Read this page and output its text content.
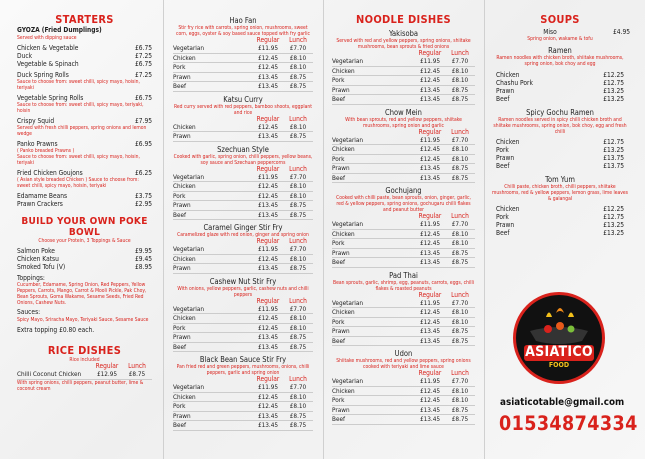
STARTERS
GYOZA (Fried Dumplings)
Served with dipping sauce
Chicken & Vegetable	£6.75
Duck	£7.25
Vegetable & Spinach	£6.75
Duck Spring Rolls	£7.25
Sauce to choose from: sweet chilli, spicy mayo, hoisin, teriyaki
Vegetable Spring Rolls	£6.75
Sauce to choose from: sweet chilli, spicy mayo, teriyaki, hoisin
Crispy Squid	£7.95
Served with fresh chilli peppers, spring onions and lemon wedge
Panko Prawns	£6.95
( Panko breaded Prawns )
Sauce to choose from: sweet chilli, spicy mayo, hoisin, teriyaki
Fried Chicken Goujons	£6.25
( Asian style breaded Chicken ) Sauce to choose from: sweet chilli, spicy mayo, hoisin, teriyaki
Edamame Beans	£3.75
Prawn Crackers	£2.95
BUILD YOUR OWN POKE BOWL
Choose your Protein, 3 Toppings & Sauce
Salmon Poke	£9.95
Chicken Katsu	£9.45
Smoked Tofu (V)	£8.95
Toppings:
Cucumber, Edamame, Spring Onion, Red Peppers, Yellow Peppers, Carrots, Mango, Carrot & Mooli Pickle, Pak Choy, Bean Sprouts, Goma Wakame, Sesame Seeds, Fried Red Onions, Cashew Nuts.
Sauces:
Spicy Mayo, Sriracha Mayo, Teriyaki Sauce, Sesame Sauce
Extra topping £0.80 each.
RICE DISHES
Rice included
Regular	Lunch
Chilli Coconut Chicken	£12.95	£8.75
With spring onions, chilli peppers, peanut butter, lime & coconut cream
Hao Fan
Stir fry rice with carrots, spring onion, mushrooms, sweet corn, eggs, oyster & soy based sauce topped with fry garlic
Regular	Lunch
Vegetarian	£11.95	£7.70
Chicken	£12.45	£8.10
Pork	£12.45	£8.10
Prawn	£13.45	£8.75
Beef	£13.45	£8.75
Katsu Curry
Red curry served with red peppers, bamboo shoots, eggplant and rice
Regular	Lunch
Chicken	£12.45	£8.10
Prawn	£13.45	£8.75
Szechuan Style
Cooked with garlic, spring onion, chilli peppers, yellow beans, soy sauce and Szechuan peppercorns
Regular	Lunch
Vegetarian	£11.95	£7.70
Chicken	£12.45	£8.10
Pork	£12.45	£8.10
Prawn	£13.45	£8.75
Beef	£13.45	£8.75
Caramel Ginger Stir Fry
Caramelized glaze with red onion, ginger and spring onion
Regular	Lunch
Vegetarian	£11.95	£7.70
Chicken	£12.45	£8.10
Prawn	£13.45	£8.75
Cashew Nut Stir Fry
With onions, yellow peppers, garlic, cashew nuts and chilli peppers
Regular	Lunch
Vegetarian	£11.95	£7.70
Chicken	£12.45	£8.10
Pork	£12.45	£8.10
Prawn	£13.45	£8.75
Beef	£13.45	£8.75
Black Bean Sauce Stir Fry
Pan fried red and green peppers, mushrooms, onions, chilli peppers, garlic and spring onion
Regular	Lunch
Vegetarian	£11.95	£7.70
Chicken	£12.45	£8.10
Pork	£12.45	£8.10
Prawn	£13.45	£8.75
Beef	£13.45	£8.75
NOODLE DISHES
Yakisoba
Served with red and yellow peppers, spring onions, shiitake mushrooms, bean sprouts & fried onions
Regular	Lunch
Vegetarian	£11.95	£7.70
Chicken	£12.45	£8.10
Pork	£12.45	£8.10
Prawn	£13.45	£8.75
Beef	£13.45	£8.75
Chow Mein
With bean sprouts, red and yellow peppers, shiitake mushrooms, spring onion and garlic
Regular	Lunch
Vegetarian	£11.95	£7.70
Chicken	£12.45	£8.10
Pork	£12.45	£8.10
Prawn	£13.45	£8.75
Beef	£13.45	£8.75
Gochujang
Cooked with chilli paste, bean sprouts, onion, ginger, garlic, red & yellow peppers, spring onions, gochugaru chilli flakes and peanut butter
Regular	Lunch
Vegetarian	£11.95	£7.70
Chicken	£12.45	£8.10
Pork	£12.45	£8.10
Prawn	£13.45	£8.75
Beef	£13.45	£8.75
Pad Thai
Bean sprouts, garlic, shrimp, egg, peanuts, carrots, eggs, chilli flakes & roasted peanuts
Regular	Lunch
Vegetarian	£11.95	£7.70
Chicken	£12.45	£8.10
Pork	£12.45	£8.10
Prawn	£13.45	£8.75
Beef	£13.45	£8.75
Udon
Shiitake mushrooms, red and yellow peppers, spring onions cooked with teriyaki and lime sauce
Regular	Lunch
Vegetarian	£11.95	£7.70
Chicken	£12.45	£8.10
Pork	£12.45	£8.10
Prawn	£13.45	£8.75
Beef	£13.45	£8.75
SOUPS
Miso	£4.95
Spring onion, wakame & tofu
Ramen
Ramen noodles with chicken broth, shiitake mushrooms, spring onion, bok choy and egg
Chicken	£12.25
Chashu Pork	£12.75
Prawn	£13.25
Beef	£13.25
Spicy Gochu Ramen
Ramen noodles served in spicy chilli chicken broth and shiitake mushrooms, spring onion, bok choy, egg and fresh chilli
Chicken	£12.75
Pork	£13.25
Prawn	£13.75
Beef	£13.75
Tom Yum
Chilli paste, chicken broth, chilli peppers, shiitake mushrooms, red & yellow peppers, lemon grass, lime leaves & galangal
Chicken	£12.25
Pork	£12.75
Prawn	£13.25
Beef	£13.25
ASIATICO
FOOD
asiaticotable@gmail.com
01534874334
